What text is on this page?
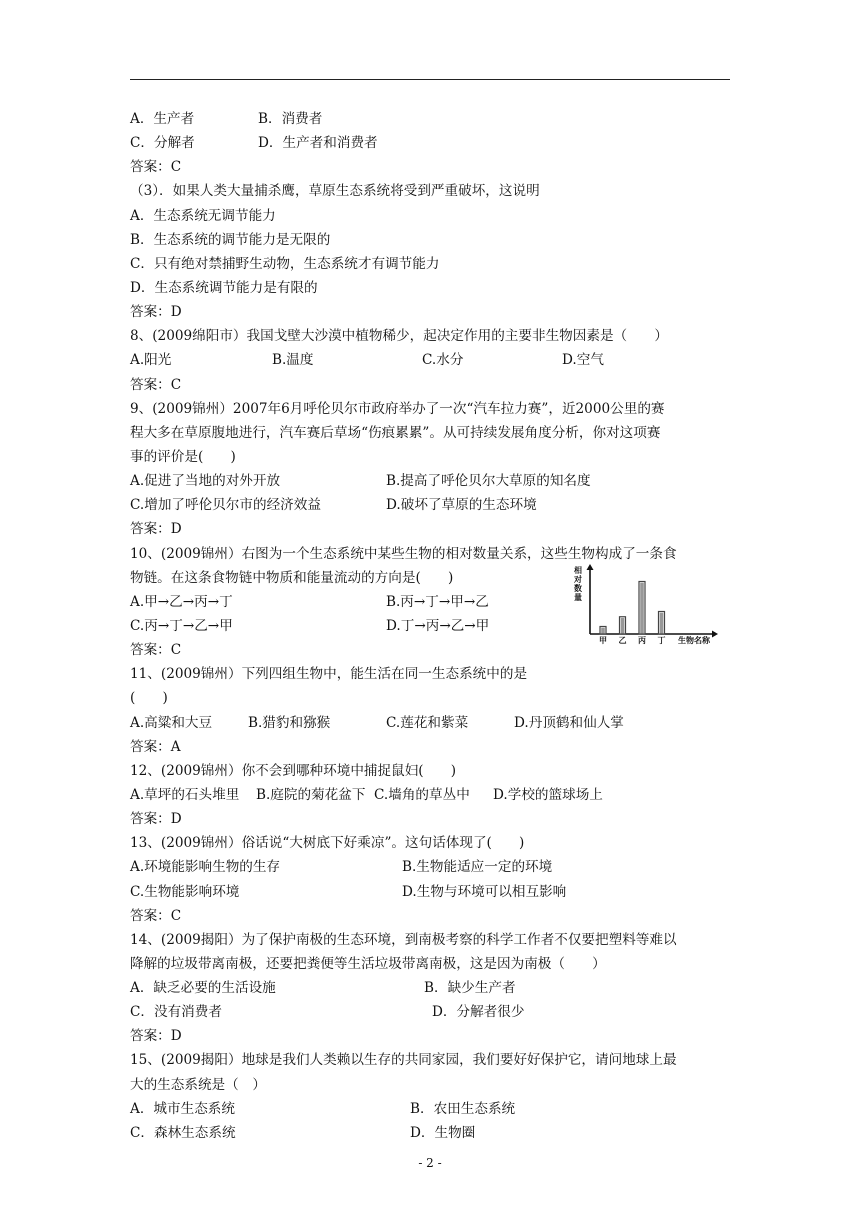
A．生产者	B．消费者
C．分解者	D．生产者和消费者
答案：C
（3）．如果人类大量捕杀鹰，草原生态系统将受到严重破坏，这说明
A．生态系统无调节能力
B．生态系统的调节能力是无限的
C．只有绝对禁捕野生动物，生态系统才有调节能力
D．生态系统调节能力是有限的
答案：D
8、(2009绵阳市）我国戈壁大沙漠中植物稀少，起决定作用的主要非生物因素是（　　）
A.阳光	B.温度	C.水分	D.空气
答案：C
9、(2009锦州）2007年6月呼伦贝尔市政府举办了一次“汽车拉力赛”，近2000公里的赛
程大多在草原腹地进行，汽车赛后草场“伤痕累累”。从可持续发展角度分析，你对这项赛
事的评价是(　　)
A.促进了当地的对外开放	B.提高了呼伦贝尔大草原的知名度
C.增加了呼伦贝尔市的经济效益	D.破坏了草原的生态环境
答案：D
10、(2009锦州）右图为一个生态系统中某些生物的相对数量关系，这些生物构成了一条食
物链。在这条食物链中物质和能量流动的方向是(　　)
A.甲→乙→丙→丁	B.丙→丁→甲→乙
C.丙→丁→乙→甲	D.丁→丙→乙→甲
答案：C
11、(2009锦州）下列四组生物中，能生活在同一生态系统中的是
(　　)
A.高粱和大豆	B.猎豹和猕猴	C.莲花和紫菜	D.丹顶鹤和仙人掌
答案：A
12、(2009锦州）你不会到哪种环境中捕捉鼠妇(　　)
A.草坪的石头堆里 B.庭院的菊花盆下 C.墙角的草丛中 D.学校的篮球场上
答案：D
13、(2009锦州）俗话说“大树底下好乘凉”。这句话体现了(　　)
A.环境能影响生物的生存	B.生物能适应一定的环境
C.生物能影响环境	D.生物与环境可以相互影响
答案：C
14、(2009揭阳）为了保护南极的生态环境，到南极考察的科学工作者不仅要把塑料等难以
降解的垃圾带离南极，还要把粪便等生活垃圾带离南极，这是因为南极（　　）
A．缺乏必要的生活设施	B．缺少生产者
C．没有消费者	D．分解者很少
答案：D
15、(2009揭阳）地球是我们人类赖以生存的共同家园，我们要好好保护它，请问地球上最
大的生态系统是（　）
A．城市生态系统	B．农田生态系统
C．森林生态系统	D．生物圈
相对数量
甲 乙 丙 丁 生物名称
- 2 -
